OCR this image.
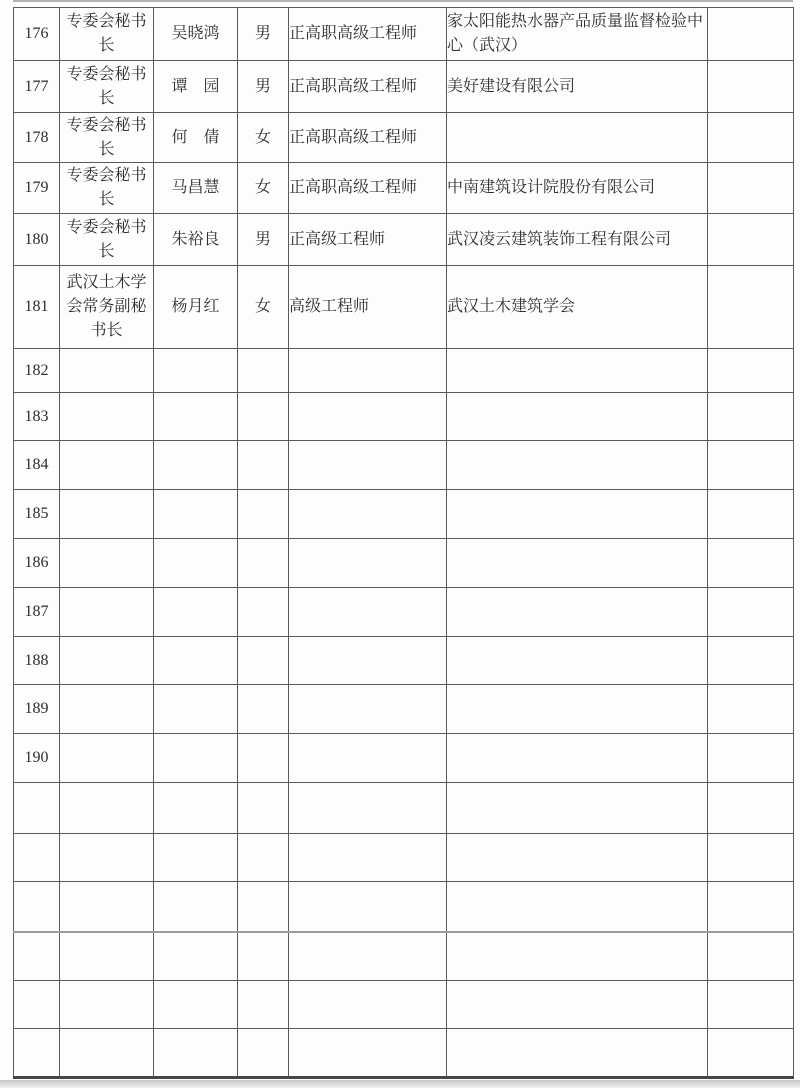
176	专委会秘书长	吴晓鸿	男	正高职高级工程师	家太阳能热水器产品质量监督检验中心（武汉）	
177	专委会秘书长	谭　园	男	正高职高级工程师	美好建设有限公司	
178	专委会秘书长	何　倩	女	正高职高级工程师		
179	专委会秘书长	马昌慧	女	正高职高级工程师	中南建筑设计院股份有限公司	
180	专委会秘书长	朱裕良	男	正高级工程师	武汉凌云建筑装饰工程有限公司	
181	武汉土木学会常务副秘书长	杨月红	女	高级工程师	武汉土木建筑学会	
182						
183						
184						
185						
186						
187						
188						
189						
190						
